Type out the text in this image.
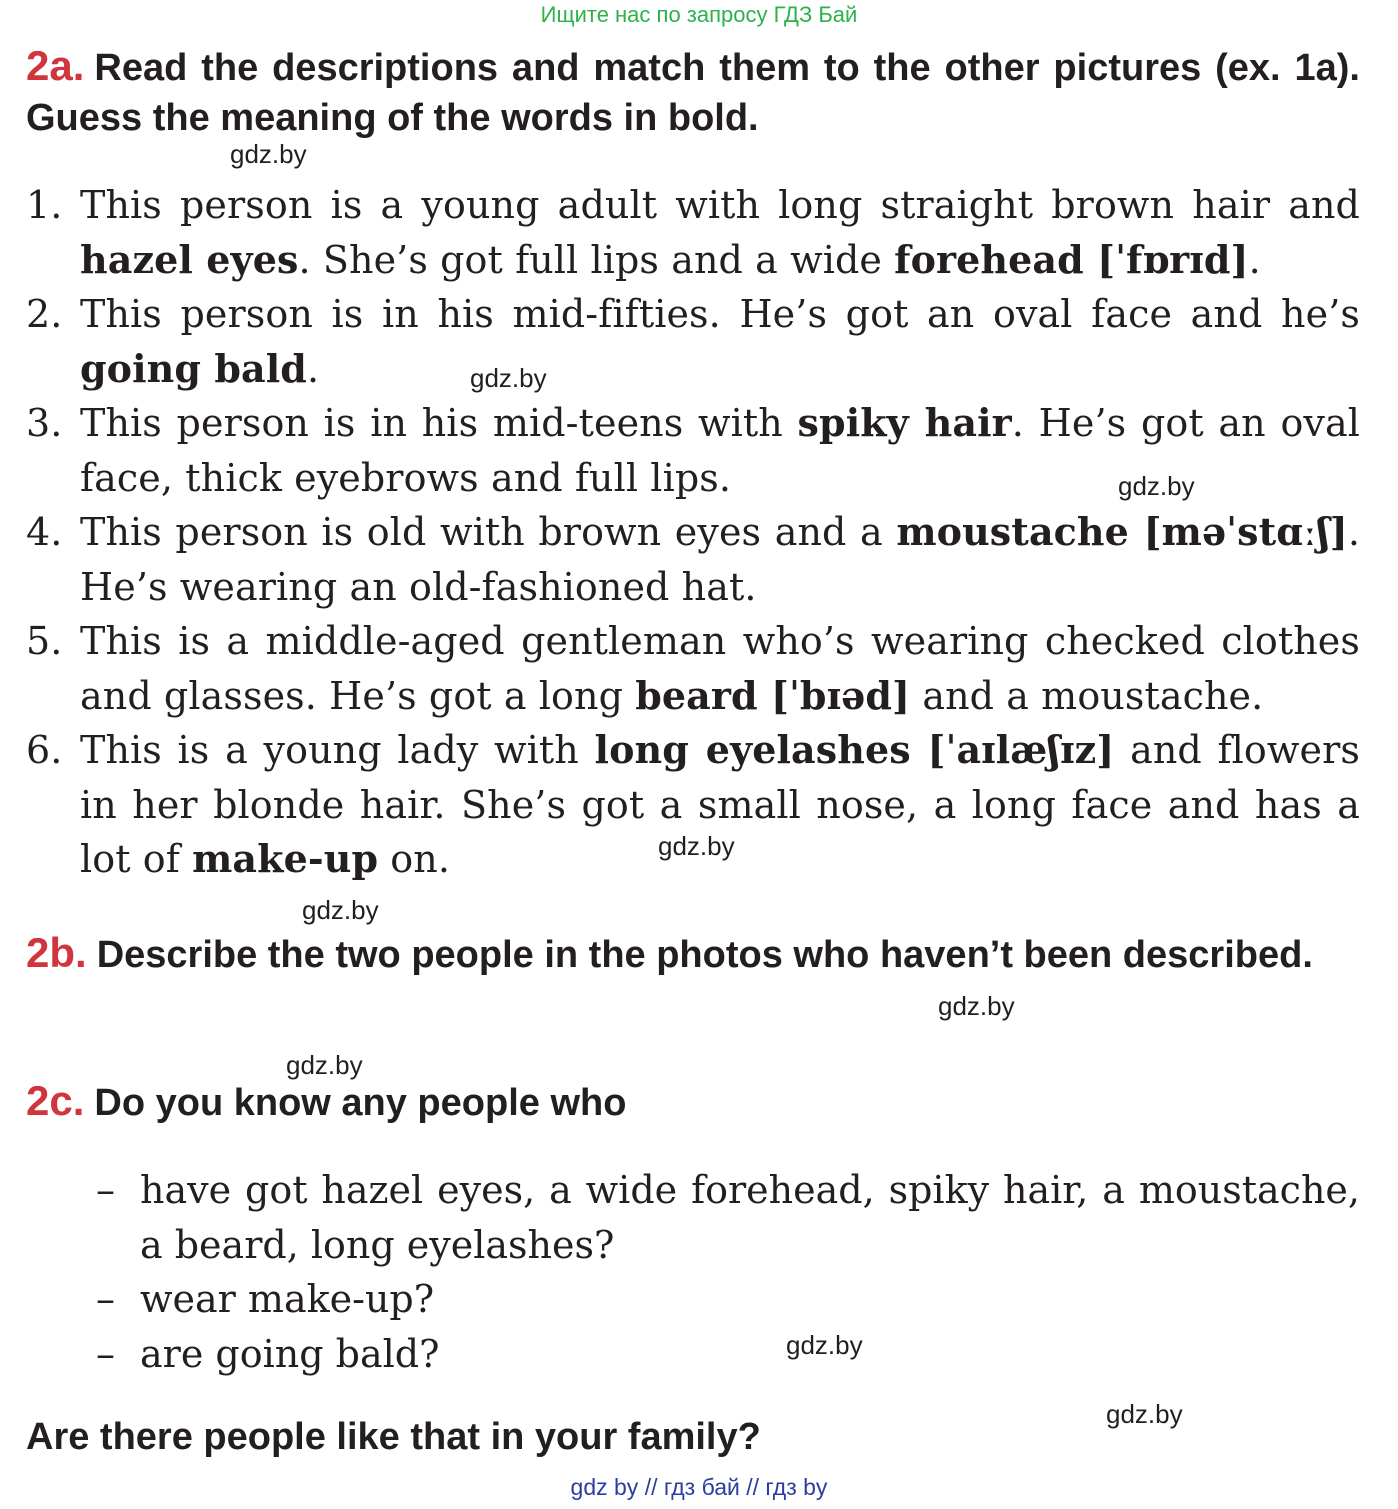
Ищите нас по запросу ГДЗ Бай
2a. Read the descriptions and match them to the other pictures (ex. 1a). Guess the meaning of the words in bold.
1. This person is a young adult with long straight brown hair and hazel eyes. She’s got full lips and a wide forehead [ˈfɒrɪd].
2. This person is in his mid-fifties. He’s got an oval face and he’s going bald.
3. This person is in his mid-teens with spiky hair. He’s got an oval face, thick eyebrows and full lips.
4. This person is old with brown eyes and a moustache [məˈstɑːʃ]. He’s wearing an old-fashioned hat.
5. This is a middle-aged gentleman who’s wearing checked clothes and glasses. He’s got a long beard [ˈbɪəd] and a moustache.
6. This is a young lady with long eyelashes [ˈaɪlæʃɪz] and flowers in her blonde hair. She’s got a small nose, a long face and has a lot of make-up on.
2b. Describe the two people in the photos who haven’t been described.
2c. Do you know any people who
– have got hazel eyes, a wide forehead, spiky hair, a moustache, a beard, long eyelashes?
– wear make-up?
– are going bald?
Are there people like that in your family?
gdz.by
gdz.by
gdz.by
gdz.by
gdz.by
gdz.by
gdz.by
gdz.by
gdz.by
gdz by // гдз бай // гдз by
